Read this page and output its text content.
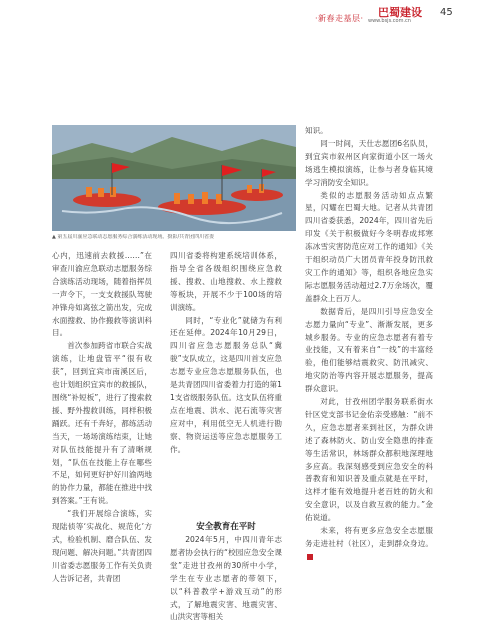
·新春走基层· 巴蜀建设
www.bsjs.com.cn
45
▲ 第五届川渝应急联动志愿服务综合演练活动现场。摄影/共青团四川省委

心内，迅速前去救援……”在审查川渝应急联动志愿服务综合演练活动现场，随着指挥员一声令下，一支支救援队驾驶冲锋舟如离弦之箭出发，完成水面搜救、协作搬救等演训科目。

首次参加跨省市联合实战演练，让地盘管平“很有收获”，回到宜宾市南溪区后，也计划组织宜宾市的救援队，围绕“补短板”，进行了搜索救援、野外搜救训练，同样积极踊跃。还有千奔好，都练活动当天，一场场演练结束，让她对队伍技能提升有了清晰规划，“队伍在技能上存在哪些不足，如何更好护好川渝两地的协作力量，都能在推进中找到答案。”王有说。

“我们开展综合演练，实现陆侦等‘实战化、规范化’方式，检验机制、磨合队伍、发现问题、解决问题。”共青团四川省委志愿服务工作有关负责人告诉记者，共青团

四川省委将构建系统培训体系，指导全省各级组织围绕应急救援、搜救、山地搜救、水上搜救等板块，开展不少于100场的培训演练。

同时，“专业化”就储为有利还在延伸。2024年10月29日，四川省应急志愿服务总队“冀骏”支队成立，这是四川首支应急志愿专业应急志愿服务队伍，也是共青团四川省委着力打造的第11支省级服务队伍。这支队伍将重点在地震、洪水、泥石流等灾害应对中，利用低空无人机进行勘察、物资运送等应急志愿服务工作。

安全教育在平时

2024年5月，中四川青年志愿者协会执行的“校园应急安全课堂”走进甘孜州的30所中小学，学生在专业志愿者的带领下，以“科普教学+游戏互动”的形式，了解地震灾害、地震灾害、山洪灾害等相关

知识。

同一时间，天仕志愿团6名队员，到宜宾市叙州区向家街道小区一场火场逃生模拟演练，让参与者身临其境学习消防安全知识。

类似的志愿服务活动如点点繁星，闪耀在巴蜀大地。记者从共青团四川省委获悉，2024年，四川省先后印发《关于积极做好今冬明春成邦寒冻冰雪灾害防范应对工作的通知》《关于组织动员广大团员青年投身防汛救灾工作的通知》等，组织各地应急实际志愿服务活动超过2.7万余场次，覆盖群众上百万人。

数据背后，是四川引导应急安全志愿力量向“专业”、渐渐发展，更多城乡服务。专业的应急志愿者有着专业技能，又有着来自“一线”的丰富经验，他们能够结震救灾、防汛减灾、地灾防治等内容开展志愿服务，提高群众意识。

对此，甘孜州团学服务联系街水针区党支部书记金佑亲受感触：“前不久，应急志愿者来到社区，为群众讲述了森林防火、防山安全隐患的排查等生活常识，林场群众都积地深理地多应高。我深刻感受到应急安全的科普教育和知识普及重点就是在平时，这样才能有效地提升老百姓的防火和安全意识，以及自救互救的能力。”金佑说道。

未来，将有更多应急安全志愿服务走进社村（社区），走到群众身边。
